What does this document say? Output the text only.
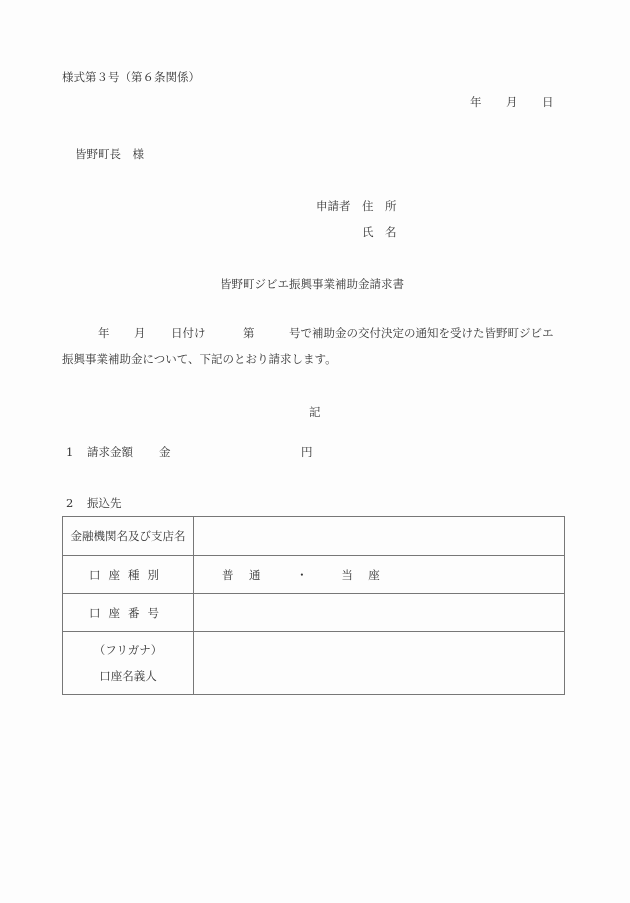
様式第３号（第６条関係）
年 月 日
皆野町長　様
申請者 住　所
氏　名
皆野町ジビエ振興事業補助金請求書
年 月 日付け	第	号で補助金の交付決定の通知を受けた皆野町ジビエ
振興事業補助金について、下記のとおり請求します。
記
1 請求金額 金	円
2 振込先
金融機関名及び支店名	
口座種別	普　通 ・ 当　座
口座番号	

（フリガナ）
口座名義人	
